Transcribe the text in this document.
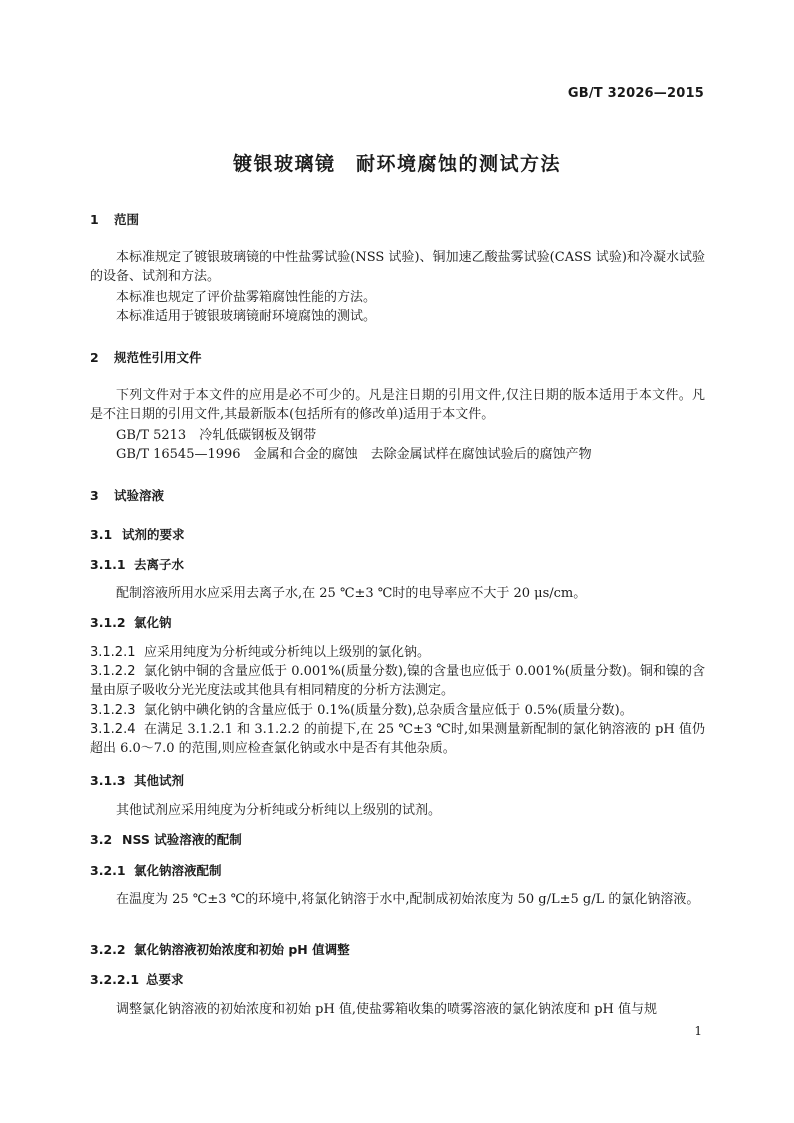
GB/T 32026—2015
镀银玻璃镜　耐环境腐蚀的测试方法
1 范围
本标准规定了镀银玻璃镜的中性盐雾试验(NSS 试验)、铜加速乙酸盐雾试验(CASS 试验)和冷凝水试验的设备、试剂和方法。
本标准也规定了评价盐雾箱腐蚀性能的方法。
本标准适用于镀银玻璃镜耐环境腐蚀的测试。
2 规范性引用文件
下列文件对于本文件的应用是必不可少的。凡是注日期的引用文件,仅注日期的版本适用于本文件。凡是不注日期的引用文件,其最新版本(包括所有的修改单)适用于本文件。
GB/T 5213　 冷轧低碳钢板及钢带
GB/T 16545—1996　 金属和合金的腐蚀　去除金属试样在腐蚀试验后的腐蚀产物
3 试验溶液
3.1 试剂的要求
3.1.1 去离子水
配制溶液所用水应采用去离子水,在 25 ℃±3 ℃时的电导率应不大于 20 μs/cm。
3.1.2 氯化钠
3.1.2.1 应采用纯度为分析纯或分析纯以上级别的氯化钠。
3.1.2.2 氯化钠中铜的含量应低于 0.001%(质量分数),镍的含量也应低于 0.001%(质量分数)。铜和镍的含量由原子吸收分光光度法或其他具有相同精度的分析方法测定。
3.1.2.3 氯化钠中碘化钠的含量应低于 0.1%(质量分数),总杂质含量应低于 0.5%(质量分数)。
3.1.2.4 在满足 3.1.2.1 和 3.1.2.2 的前提下,在 25 ℃±3 ℃时,如果测量新配制的氯化钠溶液的 pH 值仍超出 6.0～7.0 的范围,则应检查氯化钠或水中是否有其他杂质。
3.1.3 其他试剂
其他试剂应采用纯度为分析纯或分析纯以上级别的试剂。
3.2 NSS 试验溶液的配制
3.2.1 氯化钠溶液配制
在温度为 25 ℃±3 ℃的环境中,将氯化钠溶于水中,配制成初始浓度为 50 g/L±5 g/L 的氯化钠溶液。
3.2.2 氯化钠溶液初始浓度和初始 pH 值调整
3.2.2.1 总要求
调整氯化钠溶液的初始浓度和初始 pH 值,使盐雾箱收集的喷雾溶液的氯化钠浓度和 pH 值与规
1
